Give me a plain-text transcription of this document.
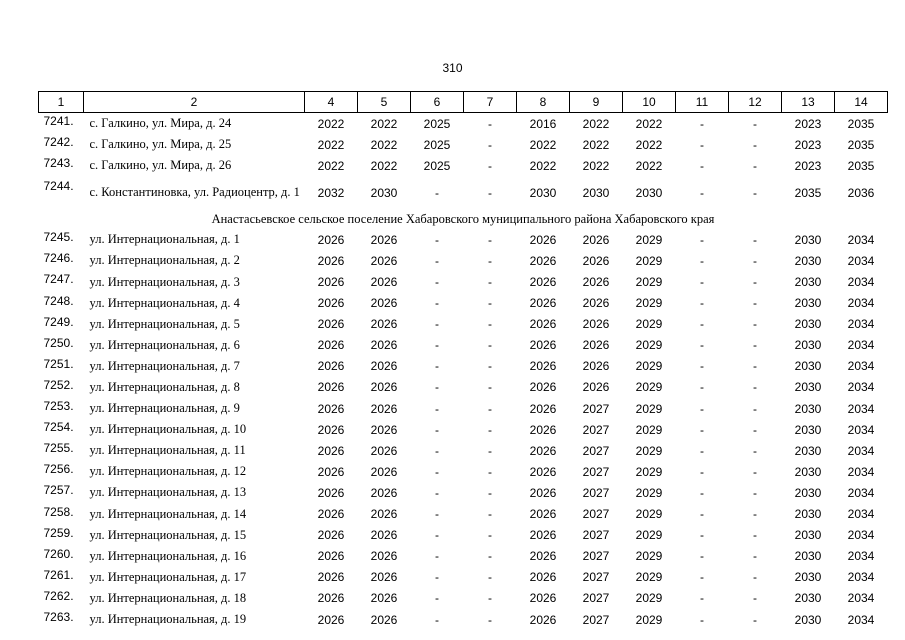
310
1	2	4	5	6	7	8	9	10	11	12	13	14
7241.	с. Галкино, ул. Мира, д. 24	2022	2022	2025	-	2016	2022	2022	-	-	2023	2035
7242.	с. Галкино, ул. Мира, д. 25	2022	2022	2025	-	2022	2022	2022	-	-	2023	2035
7243.	с. Галкино, ул. Мира, д. 26	2022	2022	2025	-	2022	2022	2022	-	-	2023	2035
7244.	с. Константиновка, ул. Радиоцентр, д. 1	2032	2030	-	-	2030	2030	2030	-	-	2035	2036
Анастасьевское сельское поселение Хабаровского муниципального района Хабаровского края												
7245.	ул. Интернациональная, д. 1	2026	2026	-	-	2026	2026	2029	-	-	2030	2034
7246.	ул. Интернациональная, д. 2	2026	2026	-	-	2026	2026	2029	-	-	2030	2034
7247.	ул. Интернациональная, д. 3	2026	2026	-	-	2026	2026	2029	-	-	2030	2034
7248.	ул. Интернациональная, д. 4	2026	2026	-	-	2026	2026	2029	-	-	2030	2034
7249.	ул. Интернациональная, д. 5	2026	2026	-	-	2026	2026	2029	-	-	2030	2034
7250.	ул. Интернациональная, д. 6	2026	2026	-	-	2026	2026	2029	-	-	2030	2034
7251.	ул. Интернациональная, д. 7	2026	2026	-	-	2026	2026	2029	-	-	2030	2034
7252.	ул. Интернациональная, д. 8	2026	2026	-	-	2026	2026	2029	-	-	2030	2034
7253.	ул. Интернациональная, д. 9	2026	2026	-	-	2026	2027	2029	-	-	2030	2034
7254.	ул. Интернациональная, д. 10	2026	2026	-	-	2026	2027	2029	-	-	2030	2034
7255.	ул. Интернациональная, д. 11	2026	2026	-	-	2026	2027	2029	-	-	2030	2034
7256.	ул. Интернациональная, д. 12	2026	2026	-	-	2026	2027	2029	-	-	2030	2034
7257.	ул. Интернациональная, д. 13	2026	2026	-	-	2026	2027	2029	-	-	2030	2034
7258.	ул. Интернациональная, д. 14	2026	2026	-	-	2026	2027	2029	-	-	2030	2034
7259.	ул. Интернациональная, д. 15	2026	2026	-	-	2026	2027	2029	-	-	2030	2034
7260.	ул. Интернациональная, д. 16	2026	2026	-	-	2026	2027	2029	-	-	2030	2034
7261.	ул. Интернациональная, д. 17	2026	2026	-	-	2026	2027	2029	-	-	2030	2034
7262.	ул. Интернациональная, д. 18	2026	2026	-	-	2026	2027	2029	-	-	2030	2034
7263.	ул. Интернациональная, д. 19	2026	2026	-	-	2026	2027	2029	-	-	2030	2034
